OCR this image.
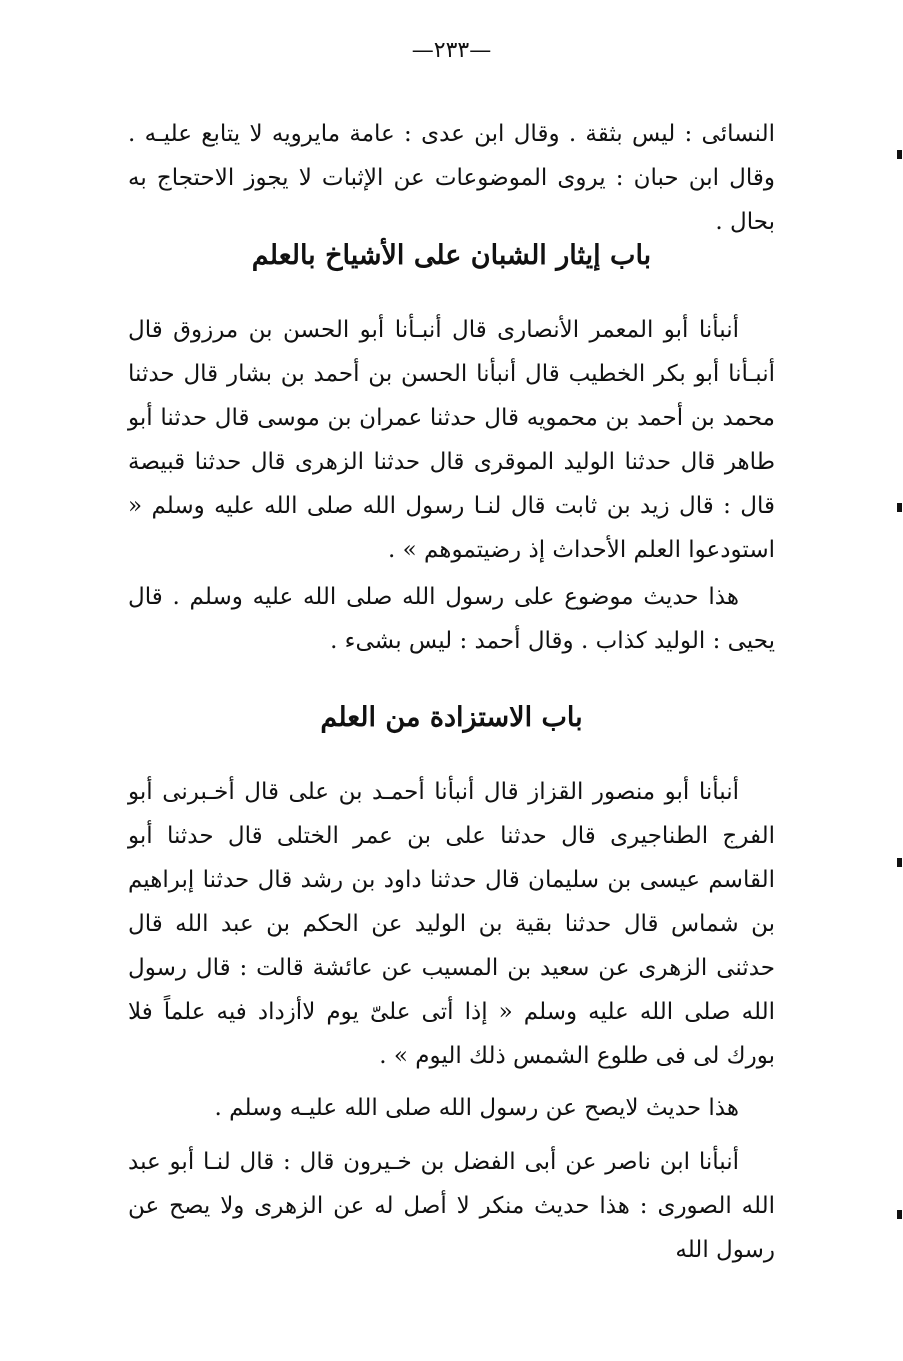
—٢٣٣—
النسائى : ليس بثقة . وقال ابن عدى : عامة مايرويه لا يتابع عليـه . وقال ابن حبان : يروى الموضوعات عن الإثبات لا يجوز الاحتجاج به بحال .
باب إيثار الشبان على الأشياخ بالعلم
أنبأنا أبو المعمر الأنصارى قال أنبـأنا أبو الحسن بن مرزوق قال أنبـأنا أبو بكر الخطيب قال أنبأنا الحسن بن أحمد بن بشار قال حدثنا محمد بن أحمد بن محمويه قال حدثنا عمران بن موسى قال حدثنا أبو طاهر قال حدثنا الوليد الموقرى قال حدثنا الزهرى قال حدثنا قبيصة قال : قال زيد بن ثابت قال لنـا رسول الله صلى الله عليه وسلم « استودعوا العلم الأحداث إذ رضيتموهم » .
هذا حديث موضوع على رسول الله صلى الله عليه وسلم . قال يحيى : الوليد كذاب . وقال أحمد : ليس بشىء .
باب الاستزادة من العلم
أنبأنا أبو منصور القزاز قال أنبأنا أحمـد بن على قال أخـبرنى أبو الفرج الطناجيرى قال حدثنا على بن عمر الختلى قال حدثنا أبو القاسم عيسى بن سليمان قال حدثنا داود بن رشد قال حدثنا إبراهيم بن شماس قال حدثنا بقية بن الوليد عن الحكم بن عبد الله قال حدثنى الزهرى عن سعيد بن المسيب عن عائشة قالت : قال رسول الله صلى الله عليه وسلم « إذا أتى علىّ يوم لاأزداد فيه علماً فلا بورك لى فى طلوع الشمس ذلك اليوم » .
هذا حديث لايصح عن رسول الله صلى الله عليـه وسلم .
أنبأنا ابن ناصر عن أبى الفضل بن خـيرون قال : قال لنـا أبو عبد الله الصورى : هذا حديث منكر لا أصل له عن الزهرى ولا يصح عن رسول الله
